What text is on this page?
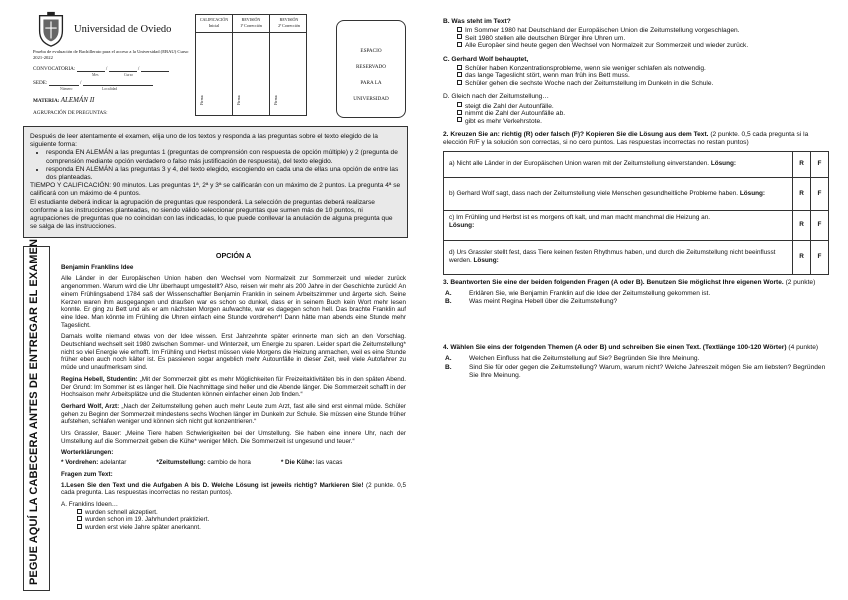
Universidad de Oviedo
Prueba de evaluación de Bachillerato para el acceso a la Universidad (EBAU) Curso 2021-2022
CONVOCATORIA:	/	/
Mes	Curso
SEDE:	/
Número	Localidad
MATERIA: ALEMÁN II
AGRUPACIÓN DE PREGUNTAS:
CALIFICACIÓN
Inicial
Firma
REVISIÓN
1ª Corrección
Firma
REVISIÓN
2ª Corrección
Firma
ESPACIO
RESERVADO
PARA LA
UNIVERSIDAD
Después de leer atentamente el examen, elija uno de los textos y responda a las preguntas sobre el texto elegido de la siguiente forma:
• responda EN ALEMÁN a las preguntas 1 (preguntas de comprensión con respuesta de opción múltiple) y 2 (pregunta de comprensión mediante opción verdadero o falso más justificación de respuesta), del texto elegido.
• responda EN ALEMÁN a las preguntas 3 y 4, del texto elegido, escogiendo en cada una de ellas una opción de entre las dos planteadas.
TIEMPO Y CALIFICACIÓN: 90 minutos. Las preguntas 1ª, 2ª y 3ª se calificarán con un máximo de 2 puntos. La pregunta 4ª se calificará con un máximo de 4 puntos.
El estudiante deberá indicar la agrupación de preguntas que responderá. La selección de preguntas deberá realizarse conforme a las instrucciones planteadas, no siendo válido seleccionar preguntas que sumen más de 10 puntos, ni agrupaciones de preguntas que no coincidan con las indicadas, lo que puede conllevar la anulación de alguna pregunta que se salga de las instrucciones.
PEGUE AQUÍ LA CABECERA ANTES DE ENTREGAR EL EXAMEN	OPCIÓN A
Benjamin Franklins Idee

Alle Länder in der Europäischen Union haben den Wechsel vom Normalzeit zur Sommerzeit und wieder zurück angenommen. Warum wird die Uhr überhaupt umgestellt? Also, reisen wir mehr als 200 Jahre in der Geschichte zurück! An einem Frühlingsabend 1784 saß der Wissenschaftler Benjamin Franklin in seinem Arbeitszimmer und ärgerte sich. Seine Kerzen waren ihm ausgegangen und draußen war es schon so dunkel, dass er in seinem Buch kein Wort mehr lesen konnte. Er ging zu Bett und als er am nächsten Morgen aufwachte, war es dagegen schon hell. Das brachte Franklin auf eine Idee. Man könnte im Frühling die Uhren einfach eine Stunde vordrehen*! Dann hätte man abends eine Stunde mehr Tageslicht.

Damals wollte niemand etwas von der Idee wissen. Erst Jahrzehnte später erinnerte man sich an den Vorschlag. Deutschland wechselt seit 1980 zwischen Sommer- und Winterzeit, um Energie zu sparen. Leider spart die Zeitumstellung* nicht so viel Energie wie erhofft. Im Frühling und Herbst müssen viele Morgens die Heizung anmachen, weil es eine Stunde früher eben auch noch kälter ist. Es passieren sogar angeblich mehr Autounfälle in dieser Zeit, weil viele Autofahrer zu müde und unaufmerksam sind.

Regina Hebell, Studentin: „Mit der Sommerzeit gibt es mehr Möglichkeiten für Freizeitaktivitäten bis in den späten Abend. Der Grund: Im Sommer ist es länger hell. Die Nachmittage sind heller und die Abende länger. Die Sommerzeit schafft in der Hochsaison mehr Arbeitsplätze und die Studenten können einfacher einen Job finden.“

Gerhard Wolf, Arzt: „Nach der Zeitumstellung gehen auch mehr Leute zum Arzt, fast alle sind erst einmal müde. Schüler gehen zu Beginn der Sommerzeit mindestens sechs Wochen länger im Dunkeln zur Schule. Sie müssen eine Stunde früher aufstehen, schlafen weniger und können sich nicht gut konzentrieren.“

Urs Grassler, Bauer: „Meine Tiere haben Schwierigkeiten bei der Umstellung. Sie haben eine innere Uhr, nach der Umstellung auf die Sommerzeit geben die Kühe* weniger Milch. Die Sommerzeit ist ungesund und teuer.“

Worterklärungen:
* Vordrehen: adelantar	*Zeitumstellung: cambio de hora	* Die Kühe: las vacas
Fragen zum Text:

1.Lesen Sie den Text und die Aufgaben A bis D. Welche Lösung ist jeweils richtig? Markieren Sie! (2 punkte. 0,5 cada pregunta. Las respuestas incorrectas no restan puntos).

A. Franklins Ideen…
wurden schnell akzeptiert.
wurden schon im 19. Jahrhundert praktiziert.
wurden erst viele Jahre später anerkannt.
B. Was steht im Text?
Im Sommer 1980 hat Deutschland der Europäischen Union die Zeitumstellung vorgeschlagen.
Seit 1980 stellen alle deutschen Bürger ihre Uhren um.
Alle Europäer sind heute gegen den Wechsel von Normalzeit zur Sommerzeit und wieder zurück.
C. Gerhard Wolf behauptet,
Schüler haben Konzentrationsprobleme, wenn sie weniger schlafen als notwendig.
das lange Tageslicht stört, wenn man früh ins Bett muss.
Schüler gehen die sechste Woche nach der Zeitumstellung im Dunkeln in die Schule.
D. Gleich nach der Zeitumstellung…
steigt die Zahl der Autounfälle.
nimmt die Zahl der Autounfälle ab.
gibt es mehr Verkehrstote.

2. Kreuzen Sie an: richtig (R) oder falsch (F)? Kopieren Sie die Lösung aus dem Text. (2 punkte. 0,5 cada pregunta si la elección R/F y la solución son correctas, si no cero puntos. Las respuestas incorrectas no restan puntos)

a) Nicht alle Länder in der Europäischen Union waren mit der Zeitumstellung einverstanden. Lösung:	R	F
b) Gerhard Wolf sagt, dass nach der Zeitumstellung viele Menschen gesundheitliche Probleme haben. Lösung:	R	F
c) Im Frühling und Herbst ist es morgens oft kalt, und man macht manchmal die Heizung an.
Lösung:	R	F
d) Urs Grassler stellt fest, dass Tiere keinen festen Rhythmus haben, und durch die Zeitumstellung nicht beeinflusst werden. Lösung:	R	F

3. Beantworten Sie eine der beiden folgenden Fragen (A oder B). Benutzen Sie möglichst Ihre eigenen Worte. (2 punkte)

A.	Erklären Sie, wie Benjamin Franklin auf die Idee der Zeitumstellung gekommen ist.
B.	Was meint Regina Hebell über die Zeitumstellung?

4. Wählen Sie eins der folgenden Themen (A oder B) und schreiben Sie einen Text. (Textlänge 100-120 Wörter) (4 punkte)

A.	Welchen Einfluss hat die Zeitumstellung auf Sie? Begründen Sie Ihre Meinung.
B.	Sind Sie für oder gegen die Zeitumstellung? Warum, warum nicht? Welche Jahreszeit mögen Sie am liebsten? Begründen Sie Ihre Meinung.
